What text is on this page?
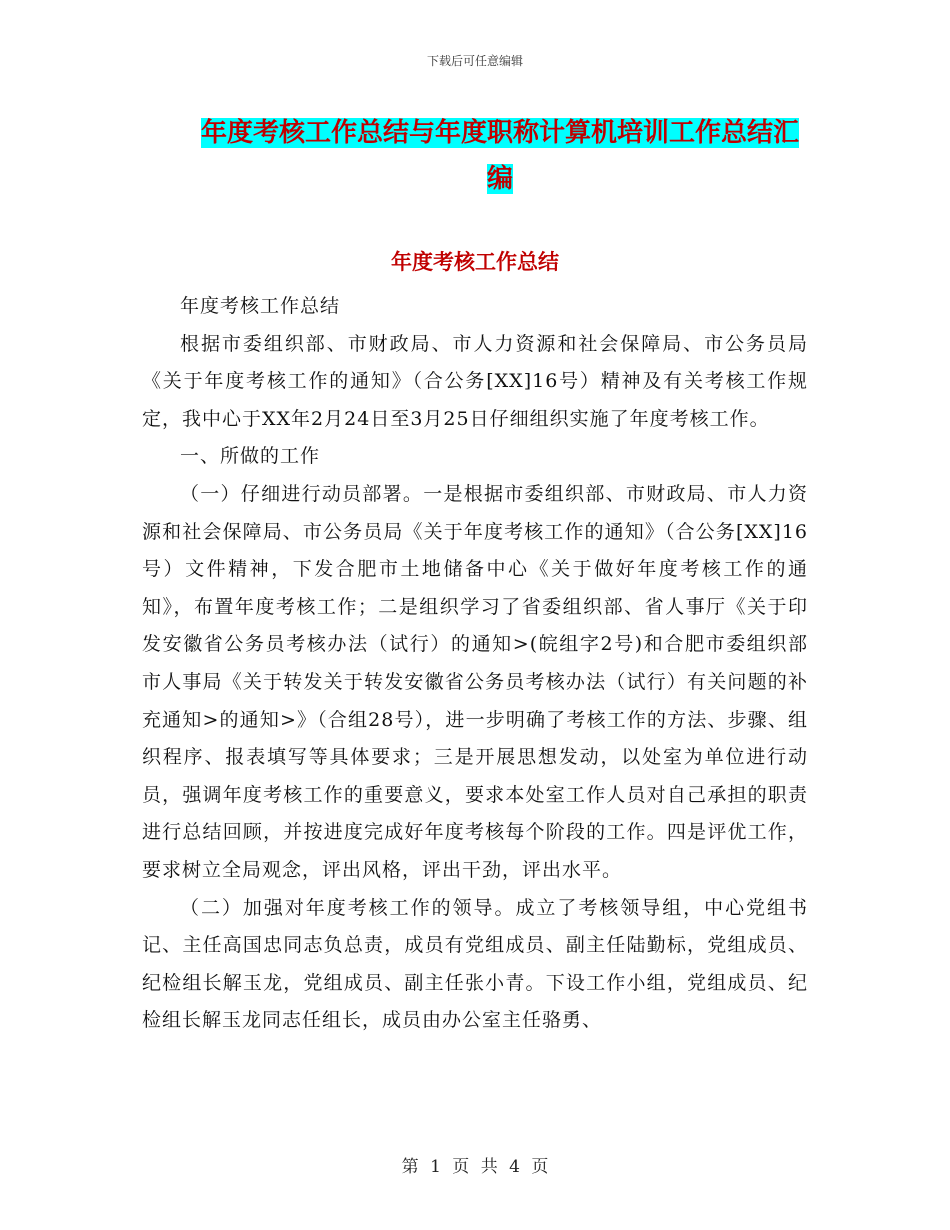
下载后可任意编辑
年度考核工作总结与年度职称计算机培训工作总结汇编
年度考核工作总结

年度考核工作总结

根据市委组织部、市财政局、市人力资源和社会保障局、市公务员局《关于年度考核工作的通知》（合公务[XX]16号）精神及有关考核工作规定，我中心于XX年2月24日至3月25日仔细组织实施了年度考核工作。

一、所做的工作

（一）仔细进行动员部署。一是根据市委组织部、市财政局、市人力资源和社会保障局、市公务员局《关于年度考核工作的通知》（合公务[XX]16号）文件精神，下发合肥市土地储备中心《关于做好年度考核工作的通知》，布置年度考核工作；二是组织学习了省委组织部、省人事厅《关于印发安徽省公务员考核办法（试行）的通知>(皖组字2号)和合肥市委组织部市人事局《关于转发关于转发安徽省公务员考核办法（试行）有关问题的补充通知>的通知>》（合组28号），进一步明确了考核工作的方法、步骤、组织程序、报表填写等具体要求；三是开展思想发动，以处室为单位进行动员，强调年度考核工作的重要意义，要求本处室工作人员对自己承担的职责进行总结回顾，并按进度完成好年度考核每个阶段的工作。四是评优工作，要求树立全局观念，评出风格，评出干劲，评出水平。

（二）加强对年度考核工作的领导。成立了考核领导组，中心党组书记、主任高国忠同志负总责，成员有党组成员、副主任陆勤标，党组成员、纪检组长解玉龙，党组成员、副主任张小青。下设工作小组，党组成员、纪检组长解玉龙同志任组长，成员由办公室主任骆勇、

第 1 页 共 4 页
